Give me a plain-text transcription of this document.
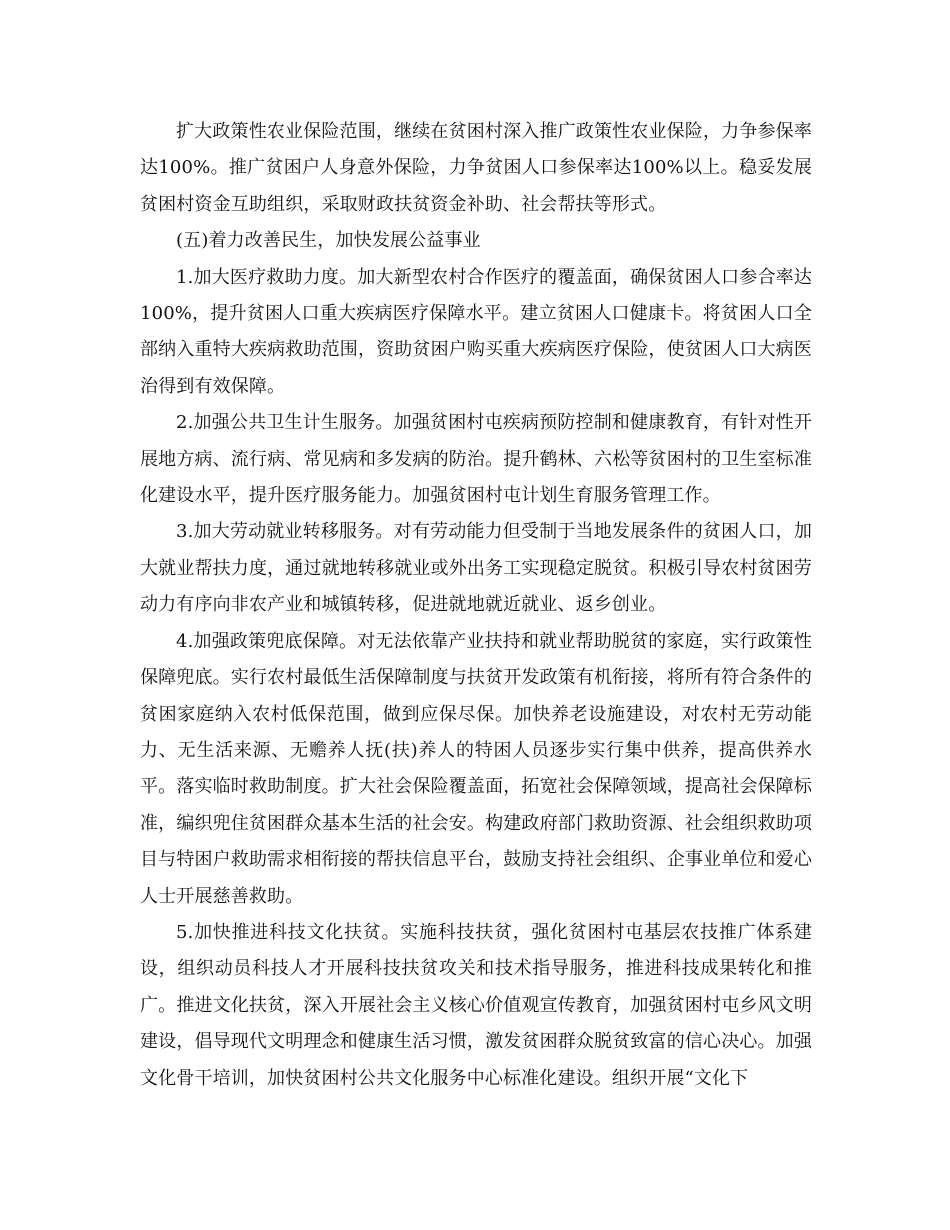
扩大政策性农业保险范围，继续在贫困村深入推广政策性农业保险，力争参保率达100%。推广贫困户人身意外保险，力争贫困人口参保率达100%以上。稳妥发展贫困村资金互助组织，采取财政扶贫资金补助、社会帮扶等形式。

(五)着力改善民生，加快发展公益事业

1.加大医疗救助力度。加大新型农村合作医疗的覆盖面，确保贫困人口参合率达100%，提升贫困人口重大疾病医疗保障水平。建立贫困人口健康卡。将贫困人口全部纳入重特大疾病救助范围，资助贫困户购买重大疾病医疗保险，使贫困人口大病医治得到有效保障。

2.加强公共卫生计生服务。加强贫困村屯疾病预防控制和健康教育，有针对性开展地方病、流行病、常见病和多发病的防治。提升鹤林、六松等贫困村的卫生室标准化建设水平，提升医疗服务能力。加强贫困村屯计划生育服务管理工作。

3.加大劳动就业转移服务。对有劳动能力但受制于当地发展条件的贫困人口，加大就业帮扶力度，通过就地转移就业或外出务工实现稳定脱贫。积极引导农村贫困劳动力有序向非农产业和城镇转移，促进就地就近就业、返乡创业。

4.加强政策兜底保障。对无法依靠产业扶持和就业帮助脱贫的家庭，实行政策性保障兜底。实行农村最低生活保障制度与扶贫开发政策有机衔接，将所有符合条件的贫困家庭纳入农村低保范围，做到应保尽保。加快养老设施建设，对农村无劳动能力、无生活来源、无赡养人抚(扶)养人的特困人员逐步实行集中供养，提高供养水平。落实临时救助制度。扩大社会保险覆盖面，拓宽社会保障领域，提高社会保障标准，编织兜住贫困群众基本生活的社会安。构建政府部门救助资源、社会组织救助项目与特困户救助需求相衔接的帮扶信息平台，鼓励支持社会组织、企事业单位和爱心人士开展慈善救助。

5.加快推进科技文化扶贫。实施科技扶贫，强化贫困村屯基层农技推广体系建设，组织动员科技人才开展科技扶贫攻关和技术指导服务，推进科技成果转化和推广。推进文化扶贫，深入开展社会主义核心价值观宣传教育，加强贫困村屯乡风文明建设，倡导现代文明理念和健康生活习惯，激发贫困群众脱贫致富的信心决心。加强文化骨干培训，加快贫困村公共文化服务中心标准化建设。组织开展“文化下
